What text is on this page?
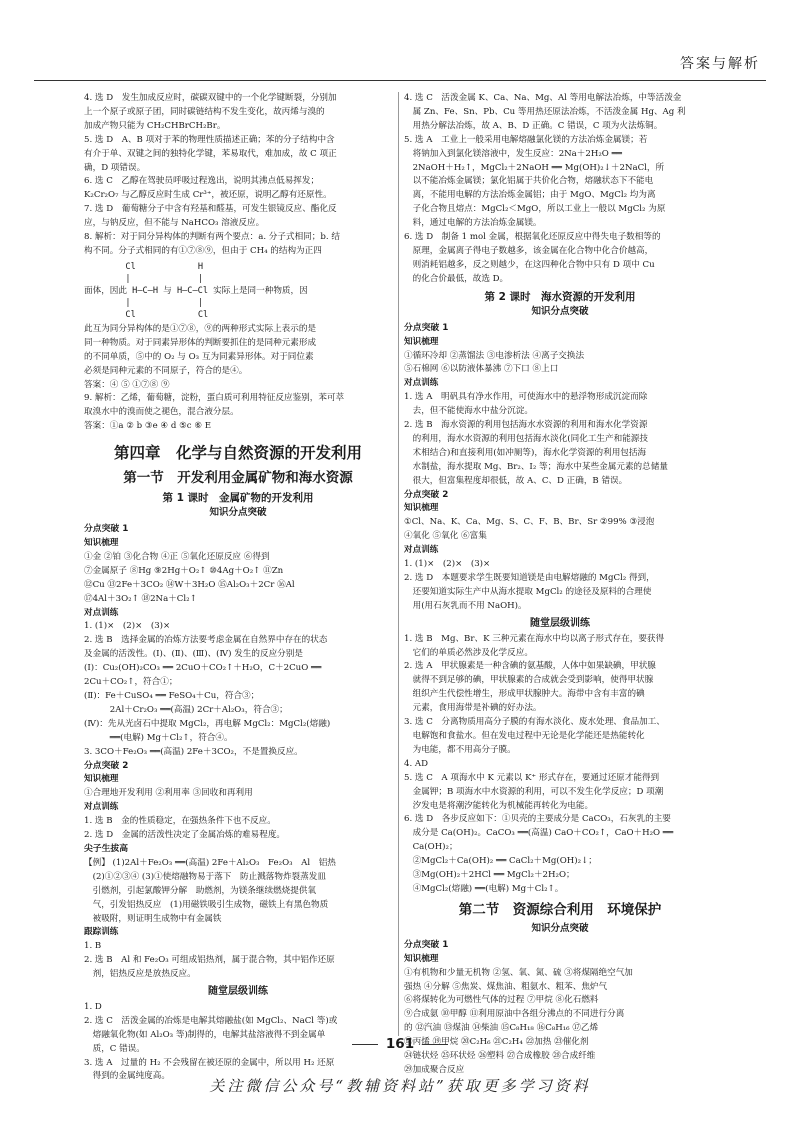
答案与解析

4. 选 D　发生加成反应时，碳碳双键中的一个化学键断裂，分别加

上一个原子或原子团，同时碳链结构不发生变化，故丙烯与溴的

加成产物只能为 CH₂CHBrCH₂Br。

5. 选 D　A、B 项对于苯的物理性质描述正确；苯的分子结构中含

有介于单、双键之间的独特化学键，苯易取代，难加成，故 C 项正

确，D 项错误。

6. 选 C　乙醇在驾驶员呼吸过程逸出，说明其沸点低易挥发；

K₂Cr₂O₇ 与乙醇反应时生成 Cr³⁺，被还原，说明乙醇有还原性。

7. 选 D　葡萄糖分子中含有羟基和醛基，可发生银镜反应、酯化反

应，与钠反应，但不能与 NaHCO₃ 溶液反应。

8. 解析：对于同分异构体的判断有两个要点：a. 分子式相同；b. 结

构不同。分子式相同的有①⑦⑧⑨，但由于 CH₄ 的结构为正四

Cl            H
|             |
面体，因此 H—C—H 与 H—C—Cl 实际上是同一种物质，因
|             |
Cl            Cl

此互为同分异构体的是①⑦⑧，⑨的两种形式实际上表示的是

同一种物质。对于同素异形体的判断要抓住的是同种元素形成

的不同单质，⑤中的 O₂ 与 O₃ 互为同素异形体。对于同位素

必须是同种元素的不同原子，符合的是④。

答案：④ ⑤ ①⑦⑧ ⑨

9. 解析：乙烯，葡萄糖，淀粉，蛋白质可利用特征反应鉴别，苯可萃

取溴水中的溴而使之褪色，混合液分层。

答案：①a ② b ③e ④ d ⑤c ⑥ E

第四章　化学与自然资源的开发利用
第一节　开发利用金属矿物和海水资源
第 1 课时　金属矿物的开发利用
知识分点突破

分点突破 1

知识梳理

①金 ②铂 ③化合物 ④正 ⑤氧化还原反应 ⑥得到

⑦金属原子 ⑧Hg ⑨2Hg＋O₂↑ ⑩4Ag＋O₂↑ ⑪Zn

⑫Cu ⑬2Fe＋3CO₂ ⑭W＋3H₂O ⑮Al₂O₃＋2Cr ⑯Al

⑰4Al＋3O₂↑ ⑱2Na＋Cl₂↑

对点训练

1. (1)×　(2)×　(3)×

2. 选 B　选择金属的冶炼方法要考虑金属在自然界中存在的状态

及金属的活泼性。(Ⅰ)、(Ⅱ)、(Ⅲ)、(Ⅳ) 发生的反应分别是

(Ⅰ)：Cu₂(OH)₂CO₃ ══ 2CuO＋CO₂↑＋H₂O，C＋2CuO ══

2Cu＋CO₂↑，符合①；

(Ⅱ)：Fe＋CuSO₄ ══ FeSO₄＋Cu，符合③；

　　　2Al＋Cr₂O₃ ══(高温) 2Cr＋Al₂O₃，符合③；

(Ⅳ)：先从光卤石中提取 MgCl₂，再电解 MgCl₂：MgCl₂(熔融)

　　　══(电解) Mg＋Cl₂↑，符合④。

3. 3CO＋Fe₂O₃ ══(高温) 2Fe＋3CO₂，不是置换反应。

分点突破 2

知识梳理

①合理地开发利用 ②利用率 ③回收和再利用

对点训练

1. 选 B　金的性质稳定，在强热条件下也不反应。

2. 选 D　金属的活泼性决定了金属冶炼的难易程度。

尖子生拔高

【例】 (1)2Al＋Fe₂O₃ ══(高温) 2Fe＋Al₂O₃　Fe₂O₃　Al　铝热

　(2)①②③④ (3)①使熔融物易于落下　防止溅落物炸裂蒸发皿

　引燃剂，引起氯酸钾分解　助燃剂，为镁条继续燃烧提供氧

　气，引发铝热反应　(1)用磁铁吸引生成物，磁铁上有黑色物质

　被吸附，则证明生成物中有金属铁

跟踪训练

1. B

2. 选 B　Al 和 Fe₂O₃ 可组成铝热剂，属于混合物，其中铝作还原

　剂，铝热反应是放热反应。

随堂层级训练

1. D

2. 选 C　活泼金属的冶炼是电解其熔融盐(如 MgCl₂、NaCl 等)或

　熔融氧化物(如 Al₂O₃ 等)制得的，电解其盐溶液得不到金属单

　质，C 错误。

3. 选 A　过量的 H₂ 不会残留在被还原的金属中，所以用 H₂ 还原

　得到的金属纯度高。

4. 选 C　活泼金属 K、Ca、Na、Mg、Al 等用电解法冶炼，中等活泼金

　属 Zn、Fe、Sn、Pb、Cu 等用热还原法冶炼，不活泼金属 Hg、Ag 利

　用热分解法冶炼，故 A、B、D 正确。C 错误，C 项为火法炼铜。

5. 选 A　工业上一般采用电解熔融氯化镁的方法冶炼金属镁；若

　将钠加入到氯化镁溶液中，发生反应：2Na＋2H₂O ══

　2NaOH＋H₂↑，MgCl₂＋2NaOH ══ Mg(OH)₂↓＋2NaCl，所

　以不能冶炼金属镁；氯化铝属于共价化合物，熔融状态下不能电

　离，不能用电解的方法冶炼金属铝；由于 MgO、MgCl₂ 均为离

　子化合物且熔点：MgCl₂＜MgO，所以工业上一般以 MgCl₂ 为原

　料，通过电解的方法冶炼金属镁。

6. 选 D　制备 1 mol 金属，根据氧化还原反应中得失电子数相等的

　原理，金属离子得电子数越多，该金属在化合物中化合价越高，

　则消耗铝越多，反之则越少，在这四种化合物中只有 D 项中 Cu

　的化合价最低，故选 D。

第 2 课时　海水资源的开发利用
知识分点突破

分点突破 1

知识梳理

①循环冷却 ②蒸馏法 ③电渗析法 ④离子交换法

⑤石棉网 ⑥以防液体暴沸 ⑦下口 ⑧上口

对点训练

1. 选 A　明矾具有净水作用，可使海水中的悬浮物形成沉淀而除

　去，但不能使海水中盐分沉淀。

2. 选 B　海水资源的利用包括海水水资源的利用和海水化学资源

　的利用，海水水资源的利用包括海水淡化(同化工生产和能源技

　术相结合)和直接利用(如冲厕等)，海水化学资源的利用包括海

　水制盐，海水提取 Mg、Br₂、I₂ 等；海水中某些金属元素的总储量

　很大，但富集程度却很低，故 A、C、D 正确，B 错误。

分点突破 2

知识梳理

①Cl、Na、K、Ca、Mg、S、C、F、B、Br、Sr ②99% ③浸泡

④氧化 ⑤氧化 ⑥富集

对点训练

1. (1)×　(2)×　(3)×

2. 选 D　本题要求学生既要知道镁是由电解熔融的 MgCl₂ 得到，

　还要知道实际生产中从海水提取 MgCl₂ 的途径及原料的合理使

　用(用石灰乳而不用 NaOH)。

随堂层级训练

1. 选 B　Mg、Br、K 三种元素在海水中均以离子形式存在，要获得

　它们的单质必然涉及化学反应。

2. 选 A　甲状腺素是一种含碘的氨基酸，人体中如果缺碘，甲状腺

　就得不到足够的碘，甲状腺素的合成就会受到影响，使得甲状腺

　组织产生代偿性增生，形成甲状腺肿大。海带中含有丰富的碘

　元素，食用海带是补碘的好办法。

3. 选 C　分离物质用高分子膜的有海水淡化、废水处理、食品加工、

　电解饱和食盐水。但在发电过程中无论是化学能还是热能转化

　为电能，都不用高分子膜。

4. AD

5. 选 C　A 项海水中 K 元素以 K⁺ 形式存在，要通过还原才能得到

　金属钾；B 项海水中水资源的利用，可以不发生化学反应；D 项潮

　汐发电是将潮汐能转化为机械能再转化为电能。

6. 选 D　各步反应如下：①贝壳的主要成分是 CaCO₃，石灰乳的主要

　成分是 Ca(OH)₂。CaCO₃ ══(高温) CaO＋CO₂↑，CaO＋H₂O ══

　Ca(OH)₂；

　②MgCl₂＋Ca(OH)₂ ══ CaCl₂＋Mg(OH)₂↓；

　③Mg(OH)₂＋2HCl ══ MgCl₂＋2H₂O；

　④MgCl₂(熔融) ══(电解) Mg＋Cl₂↑。

第二节　资源综合利用　环境保护
知识分点突破

分点突破 1

知识梳理

①有机物和少量无机物 ②氢、氧、氮、硫 ③将煤隔绝空气加

强热 ④分解 ⑤焦炭、煤焦油、粗氨水、粗苯、焦炉气

⑥将煤转化为可燃性气体的过程 ⑦甲烷 ⑧化石燃料

⑨合成氨 ⑩甲醇 ⑪利用原油中各组分沸点的不同进行分离

的 ⑫汽油 ⑬煤油 ⑭柴油 ⑮C₈H₁₈ ⑯C₈H₁₆ ⑰乙烯

⑱丙烯 ⑲甲烷 ⑳C₂H₆ ㉑C₂H₄ ㉒加热 ㉓催化剂

㉔链状烃 ㉕环状烃 ㉖塑料 ㉗合成橡胶 ㉘合成纤维

㉙加成聚合反应

161
关注微信公众号“教辅资料站”获取更多学习资料
